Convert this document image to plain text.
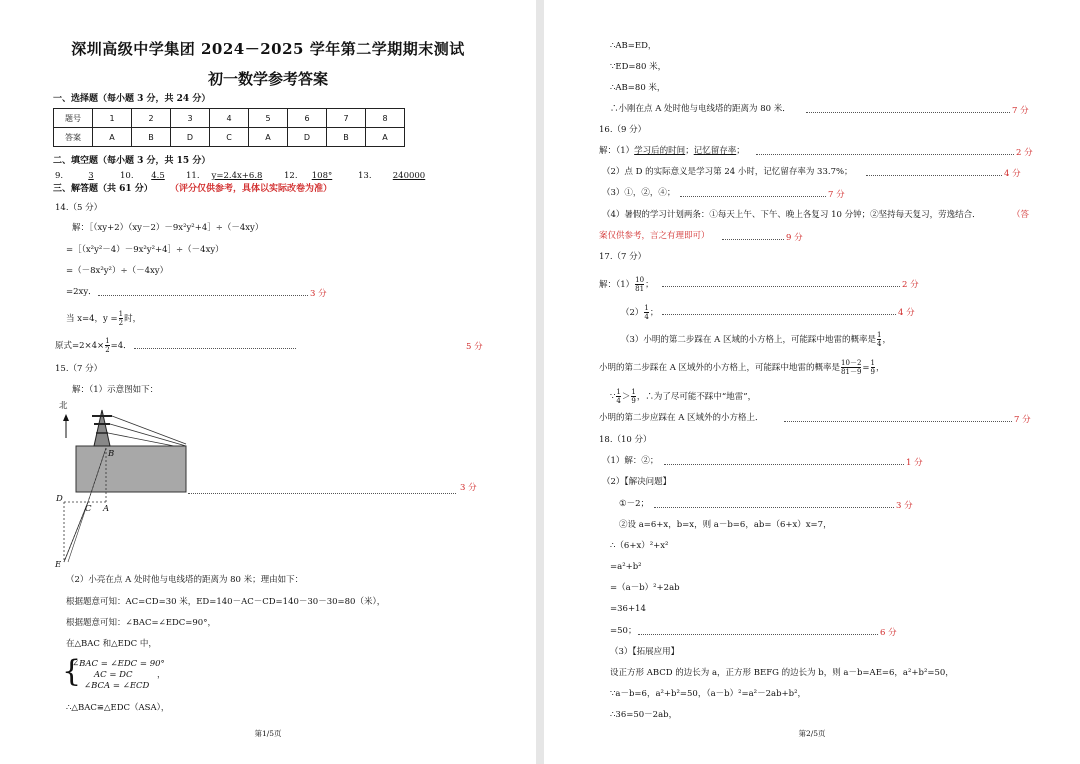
深圳高级中学集团 2024－2025 学年第二学期期末测试
初一数学参考答案
一、选择题（每小题 3 分，共 24 分）
题号	1	2	3	4	5	6	7	8
答案	A	B	D	C	A	D	B	A
二、填空题（每小题 3 分，共 15 分）
9.	3	10.	4.5	11.	y=2.4x+6.8	12.	108°	13.	240000
三、解答题（共 61 分） （评分仅供参考，具体以实际改卷为准）
14.（5 分）
解：［（xy+2）（xy－2）－9x²y²+4］÷（－4xy）
=［（x²y²－4）－9x²y²+4］÷（－4xy）
=（－8x²y²）÷（－4xy）
=2xy．	3 分
当 x=4，$y = \frac{1}{2}$ 时，
原式$=2\times 4\times \frac{1}{2} =4$．	5 分
15.（7 分）
解：（1）示意图如下：
北
B
D
C A
E
3 分
（2）小亮在点 A 处时他与电线塔的距离为 80 米；理由如下：
根据题意可知：AC=CD=30 米，ED=140－AC－CD=140－30－30=80（米），
根据题意可知：∠BAC=∠EDC=90°，
在△BAC 和△EDC 中，
{
∠BAC = ∠EDC = 90°
AC = DC
∠BCA = ∠ECD
，
∴△BAC≌△EDC（ASA），
第1/5页
∴AB=ED，
∵ED=80 米，
∴AB=80 米，
∴小刚在点 A 处时他与电线塔的距离为 80 米．	7 分
16.（9 分）
解：（1）学习后的时间；记忆留存率；	2 分
（2）点 D 的实际意义是学习第 24 小时，记忆留存率为 33.7%；	4 分
（3）①，②，④；	7 分
（4）暑假的学习计划两条：①每天上午、下午、晚上各复习 10 分钟；②坚持每天复习，劳逸结合．	（答
案仅供参考，言之有理即可）	9 分
17.（7 分）
解：$(1) \frac{10}{81}$ ；	2 分
$(2) \frac{1}{4}$ ；	4 分
（3）小明的第二步踩在 A 区域的小方格上，可能踩中地雷的概率是 $\frac{1}{4}$ ，
小明的第二步踩在 A 区域外的小方格上，可能踩中地雷的概率是 $\frac{10-2}{81-9} = \frac{1}{9}$ ，
∵ $\frac{1}{4} > \frac{1}{9}$ ，∴为了尽可能不踩中“地雷”，
小明的第二步应踩在 A 区域外的小方格上．	7 分
18.（10 分）
（1）解：②；	1 分
（2）【解决问题】
①－2；	3 分
②设 a=6+x，b=x，则 a－b=6，ab=（6+x）x=7，
∴（6+x）²+x²
=a²+b²
=（a－b）²+2ab
=36+14
=50；	6 分
（3）【拓展应用】
设正方形 ABCD 的边长为 a，正方形 BEFG 的边长为 b，则 a－b=AE=6，a²+b²=50，
∵a－b=6，a²+b²=50，（a－b）²=a²－2ab+b²，
∴36=50－2ab，
第2/5页
